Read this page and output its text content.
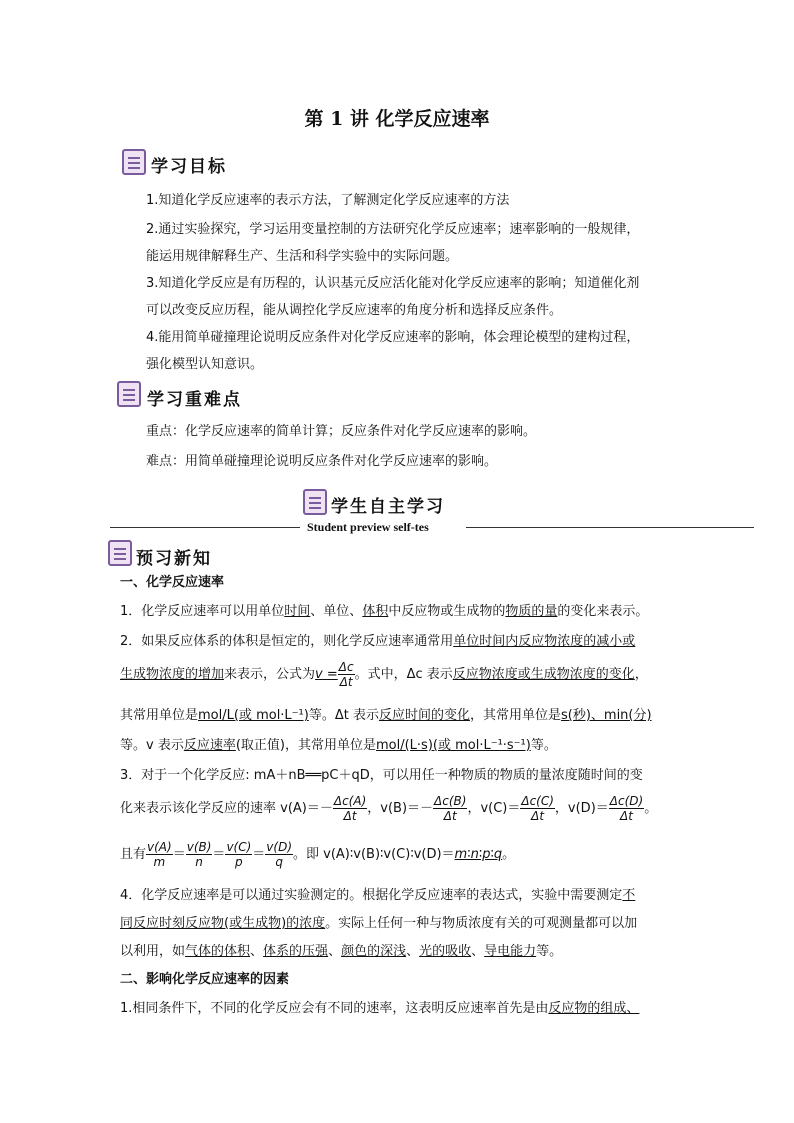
第 1 讲 化学反应速率
学习目标
1.知道化学反应速率的表示方法，了解测定化学反应速率的方法
2.通过实验探究，学习运用变量控制的方法研究化学反应速率；速率影响的一般规律，
能运用规律解释生产、生活和科学实验中的实际问题。
3.知道化学反应是有历程的，认识基元反应活化能对化学反应速率的影响；知道催化剂
可以改变反应历程，能从调控化学反应速率的角度分析和选择反应条件。
4.能用简单碰撞理论说明反应条件对化学反应速率的影响，体会理论模型的建构过程，
强化模型认知意识。
学习重难点
重点：化学反应速率的简单计算；反应条件对化学反应速率的影响。
难点：用简单碰撞理论说明反应条件对化学反应速率的影响。
学生自主学习
Student preview self-tes
预习新知
一、化学反应速率
1．化学反应速率可以用单位时间、单位、体积中反应物或生成物的物质的量的变化来表示。
2．如果反应体系的体积是恒定的，则化学反应速率通常用单位时间内反应物浓度的减小或
生成物浓度的增加来表示，公式为$v = \frac{\Delta c}{\Delta t}$ 。式中，Δc 表示反应物浓度或生成物浓度的变化，
其常用单位是mol/L(或 mol·L⁻¹)等。Δt 表示反应时间的变化，其常用单位是s(秒)、min(分)
等。v 表示反应速率(取正值)，其常用单位是mol/(L·s)(或 mol·L⁻¹·s⁻¹)等。
3．对于一个化学反应: mA＋nB══pC＋qD，可以用任一种物质的物质的量浓度随时间的变
化来表示该化学反应的速率 $v(A)=- \frac{\Delta c(A)}{\Delta t}$ ，$v(B)=- \frac{\Delta c(B)}{\Delta t}$ ，$v(C)= \frac{\Delta c(C)}{\Delta t}$ ，$v(D)= \frac{\Delta c(D)}{\Delta t}$ 。
且有 $\frac{v(A)}{m} = \frac{v(B)}{n} = \frac{v(C)}{p} = \frac{v(D)}{q}$ 。即 v(A)∶v(B)∶v(C)∶v(D)＝m∶n∶p∶q。
4．化学反应速率是可以通过实验测定的。根据化学反应速率的表达式，实验中需要测定不
同反应时刻反应物(或生成物)的浓度。实际上任何一种与物质浓度有关的可观测量都可以加
以利用，如气体的体积、体系的压强、颜色的深浅、光的吸收、导电能力等。
二、影响化学反应速率的因素
1.相同条件下，不同的化学反应会有不同的速率，这表明反应速率首先是由反应物的组成、
